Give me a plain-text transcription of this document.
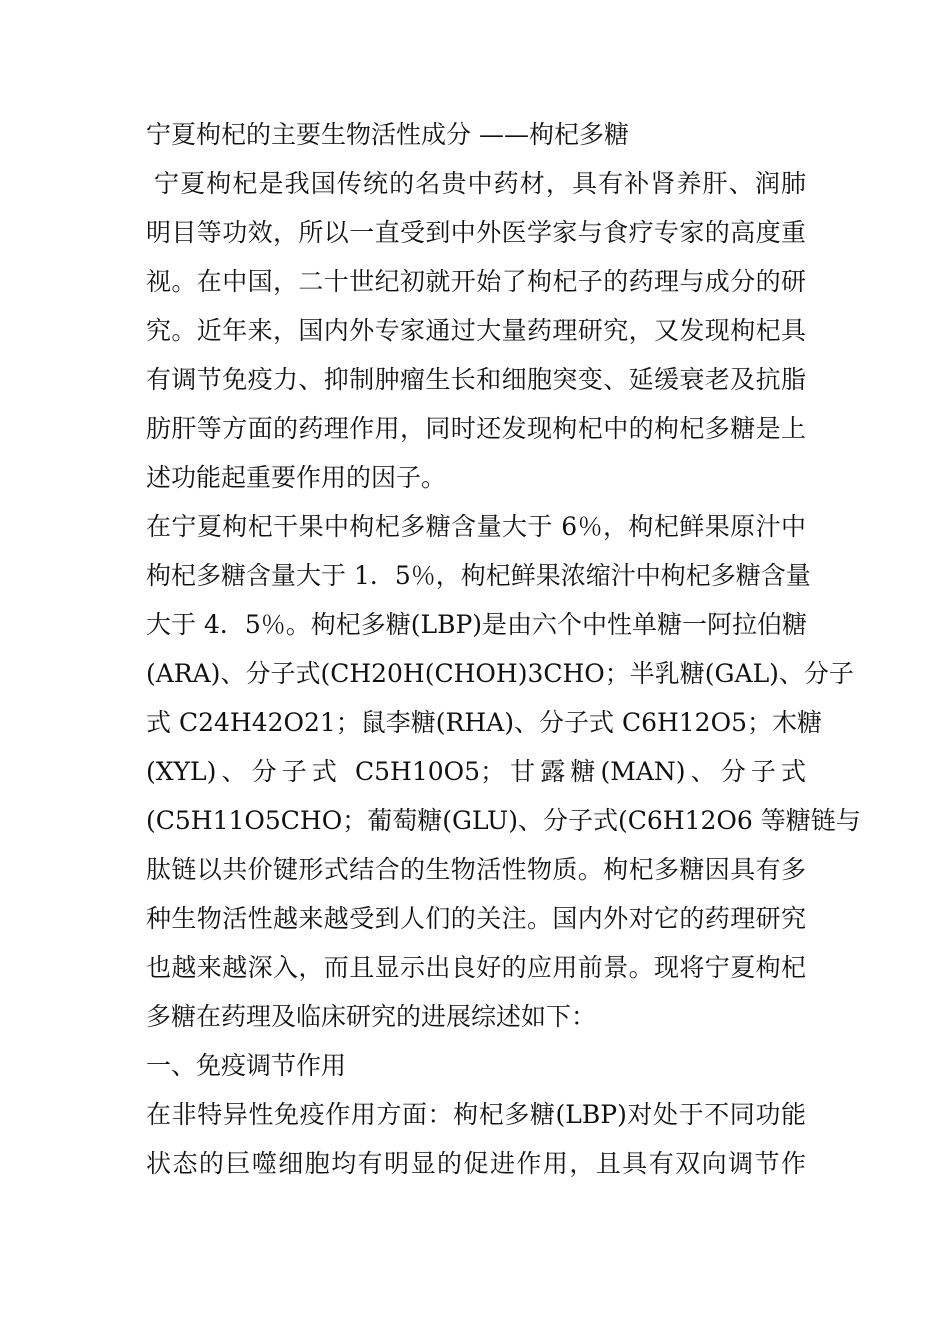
宁夏枸杞的主要生物活性成分 ——枸杞多糖
宁夏枸杞是我国传统的名贵中药材，具有补肾养肝、润肺
明目等功效，所以一直受到中外医学家与食疗专家的高度重
视。在中国，二十世纪初就开始了枸杞子的药理与成分的研
究。近年来，国内外专家通过大量药理研究，又发现枸杞具
有调节免疫力、抑制肿瘤生长和细胞突变、延缓衰老及抗脂
肪肝等方面的药理作用，同时还发现枸杞中的枸杞多糖是上
述功能起重要作用的因子。
在宁夏枸杞干果中枸杞多糖含量大于 6％，枸杞鲜果原汁中
枸杞多糖含量大于 1．5％，枸杞鲜果浓缩汁中枸杞多糖含量
大于 4．5％。枸杞多糖(LBP)是由六个中性单糖一阿拉伯糖
(ARA)、分子式(CH20H(CHOH)3CHO；半乳糖(GAL)、分子
式 C24H42O21；鼠李糖(RHA)、分子式 C6H12O5；木糖
(XYL)、分子式 C5H10O5；甘露糖(MAN)、分子式
(C5H11O5CHO；葡萄糖(GLU)、分子式(C6H12O6 等糖链与
肽链以共价键形式结合的生物活性物质。枸杞多糖因具有多
种生物活性越来越受到人们的关注。国内外对它的药理研究
也越来越深入，而且显示出良好的应用前景。现将宁夏枸杞
多糖在药理及临床研究的进展综述如下：
一、免疫调节作用
在非特异性免疫作用方面：枸杞多糖(LBP)对处于不同功能
状态的巨噬细胞均有明显的促进作用，且具有双向调节作
